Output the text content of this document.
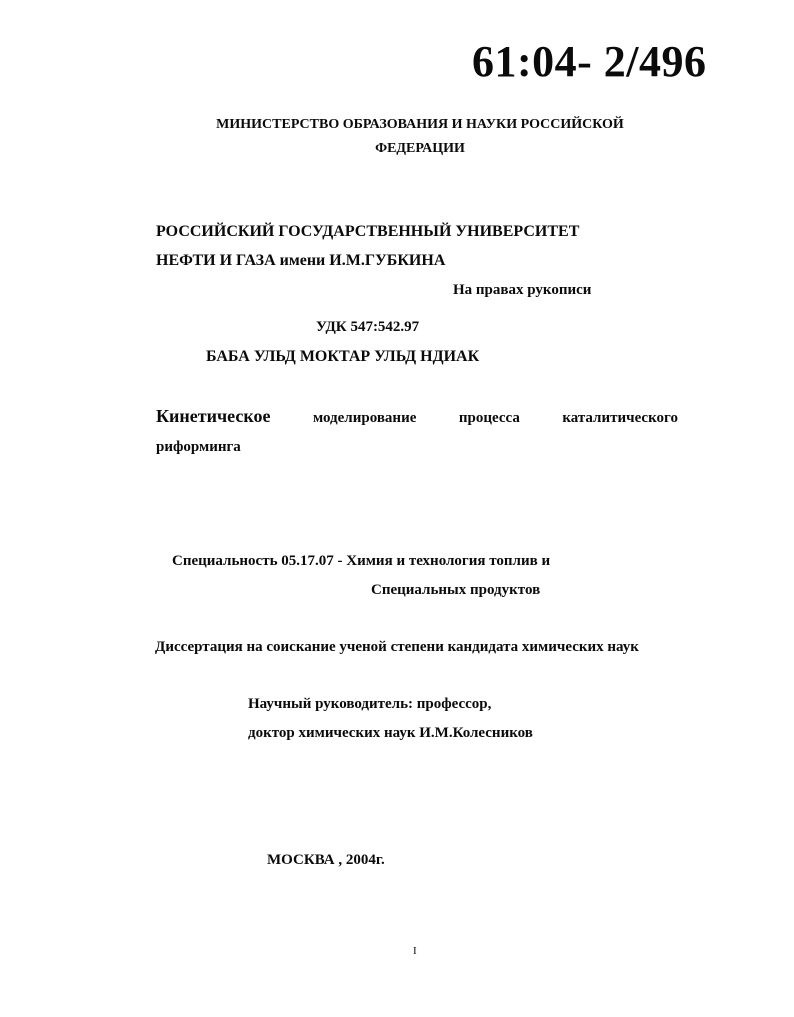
61:04- 2/496
МИНИСТЕРСТВО ОБРАЗОВАНИЯ И НАУКИ РОССИЙСКОЙ
ФЕДЕРАЦИИ
РОССИЙСКИЙ ГОСУДАРСТВЕННЫЙ УНИВЕРСИТЕТ
НЕФТИ И ГАЗА имени И.М.ГУБКИНА
На правах рукописи
УДК 547:542.97
БАБА УЛЬД МОКТАР УЛЬД НДИАК
Кинетическое	моделирование	процесса	каталитического
риформинга
Специальность 05.17.07 - Химия и технология топлив и
Специальных продуктов
Диссертация на соискание ученой степени кандидата химических наук
Научный руководитель: профессор,
доктор химических наук И.М.Колесников
МОСКВА , 2004г.
I
